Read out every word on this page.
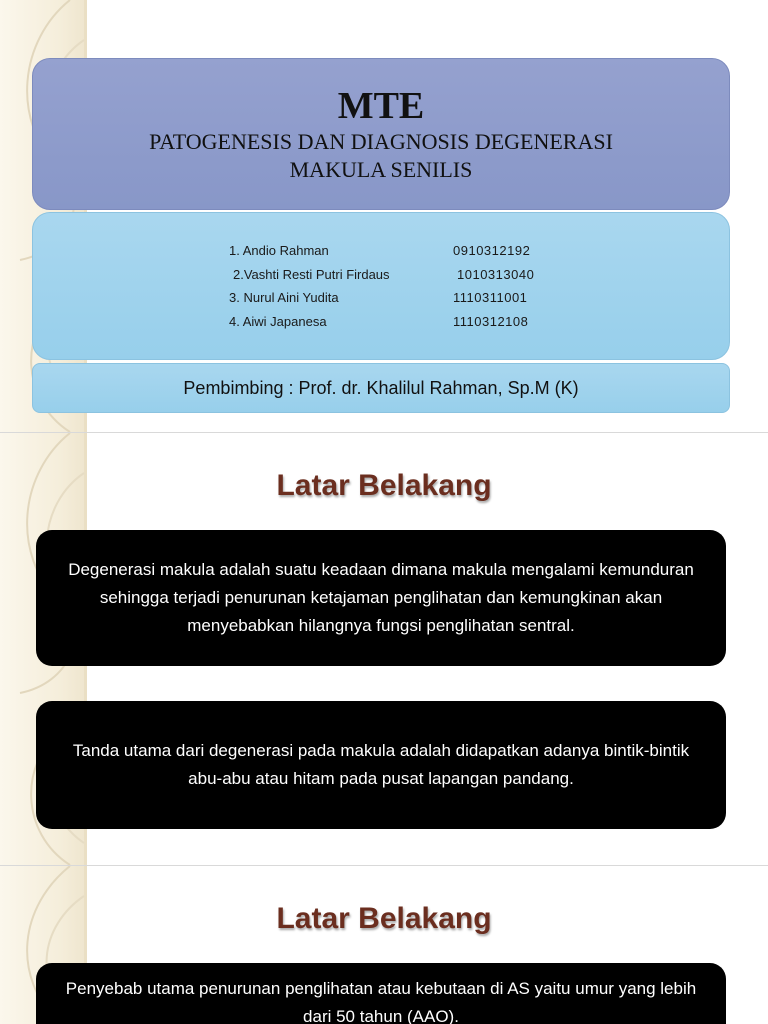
MTE
PATOGENESIS DAN DIAGNOSIS DEGENERASI
MAKULA SENILIS
1. Andio Rahman	0910312192
2.Vashti Resti Putri Firdaus	1010313040
3. Nurul Aini Yudita	1110311001
4. Aiwi Japanesa	1110312108
Pembimbing : Prof. dr. Khalilul Rahman, Sp.M (K)
Latar Belakang
Degenerasi makula adalah suatu keadaan dimana makula mengalami kemunduran sehingga terjadi penurunan ketajaman penglihatan dan kemungkinan akan menyebabkan hilangnya fungsi penglihatan sentral.
Tanda utama dari degenerasi pada makula adalah didapatkan adanya bintik-bintik abu-abu atau hitam pada pusat lapangan pandang.
Latar Belakang
Penyebab utama penurunan penglihatan atau kebutaan di AS yaitu umur yang lebih dari 50 tahun (AAO).
